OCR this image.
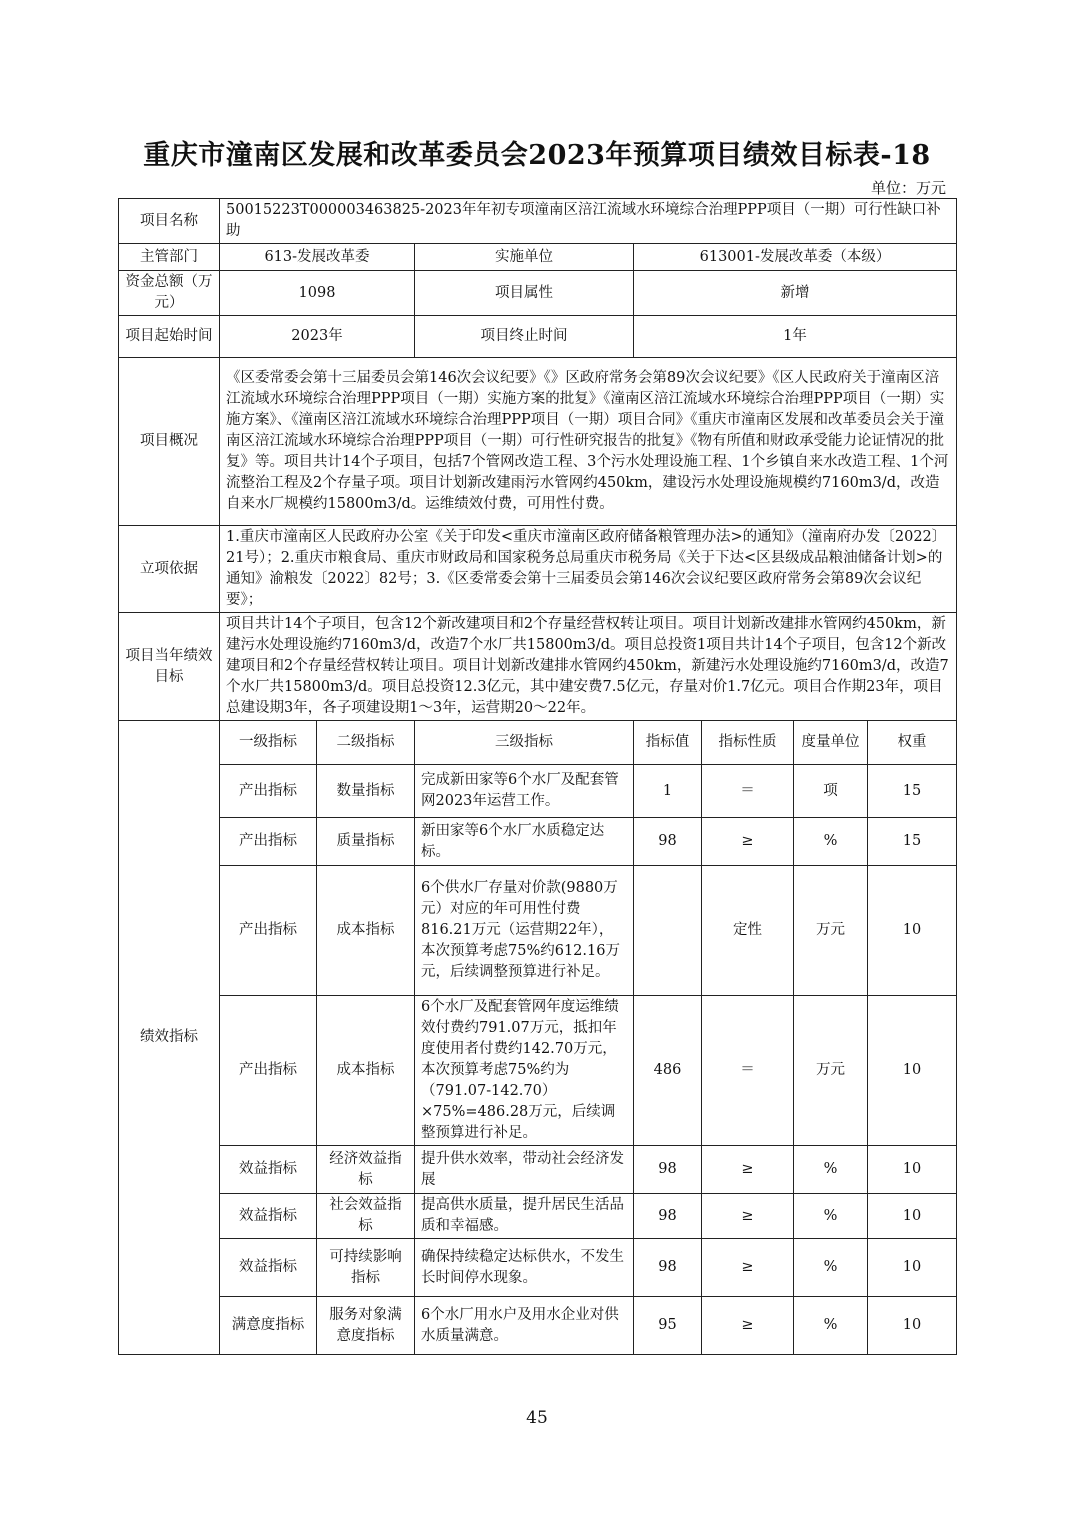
重庆市潼南区发展和改革委员会2023年预算项目绩效目标表-18
单位：万元
项目名称	50015223T000003463825-2023年年初专项潼南区涪江流域水环境综合治理PPP项目（一期）可行性缺口补助						
主管部门	613-发展改革委		实施单位	613001-发展改革委（本级）			
资金总额（万元）	1098		项目属性	新增			
项目起始时间	2023年		项目终止时间	1年			
项目概况	《区委常委会第十三届委员会第146次会议纪要》《》区政府常务会第89次会议纪要》《区人民政府关于潼南区涪江流域水环境综合治理PPP项目（一期）实施方案的批复》《潼南区涪江流域水环境综合治理PPP项目（一期）实施方案》、《潼南区涪江流域水环境综合治理PPP项目（一期）项目合同》《重庆市潼南区发展和改革委员会关于潼南区涪江流域水环境综合治理PPP项目（一期）可行性研究报告的批复》《物有所值和财政承受能力论证情况的批复》等。项目共计14个子项目，包括7个管网改造工程、3个污水处理设施工程、1个乡镇自来水改造工程、1个河流整治工程及2个存量子项。项目计划新改建雨污水管网约450km，建设污水处理设施规模约7160m3/d，改造自来水厂规模约15800m3/d。运维绩效付费，可用性付费。						
立项依据	1.重庆市潼南区人民政府办公室《关于印发<重庆市潼南区政府储备粮管理办法>的通知》（潼南府办发〔2022〕21号）；2.重庆市粮食局、重庆市财政局和国家税务总局重庆市税务局《关于下达<区县级成品粮油储备计划>的通知》渝粮发〔2022〕82号；3.《区委常委会第十三届委员会第146次会议纪要区政府常务会第89次会议纪要》；						
项目当年绩效目标	项目共计14个子项目，包含12个新改建项目和2个存量经营权转让项目。项目计划新改建排水管网约450km，新建污水处理设施约7160m3/d，改造7个水厂共15800m3/d。项目总投资1项目共计14个子项目，包含12个新改建项目和2个存量经营权转让项目。项目计划新改建排水管网约450km，新建污水处理设施约7160m3/d，改造7个水厂共15800m3/d。项目总投资12.3亿元，其中建安费7.5亿元，存量对价1.7亿元。项目合作期23年，项目总建设期3年，各子项建设期1～3年，运营期20～22年。						
绩效指标	一级指标	二级指标	三级指标	指标值	指标性质	度量单位	权重
	产出指标	数量指标	完成新田家等6个水厂及配套管网2023年运营工作。	1	＝	项	15
	产出指标	质量指标	新田家等6个水厂水质稳定达标。	98	≥	%	15
	产出指标	成本指标	6个供水厂存量对价款(9880万元）对应的年可用性付费816.21万元（运营期22年），本次预算考虑75%约612.16万元，后续调整预算进行补足。		定性	万元	10
	产出指标	成本指标	6个水厂及配套管网年度运维绩效付费约791.07万元，抵扣年度使用者付费约142.70万元，本次预算考虑75%约为（791.07-142.70）×75%=486.28万元，后续调整预算进行补足。	486	＝	万元	10
	效益指标	经济效益指标	提升供水效率，带动社会经济发展	98	≥	%	10
	效益指标	社会效益指标	提高供水质量，提升居民生活品质和幸福感。	98	≥	%	10
	效益指标	可持续影响指标	确保持续稳定达标供水，不发生长时间停水现象。	98	≥	%	10
	满意度指标	服务对象满意度指标	6个水厂用水户及用水企业对供水质量满意。	95	≥	%	10
45
